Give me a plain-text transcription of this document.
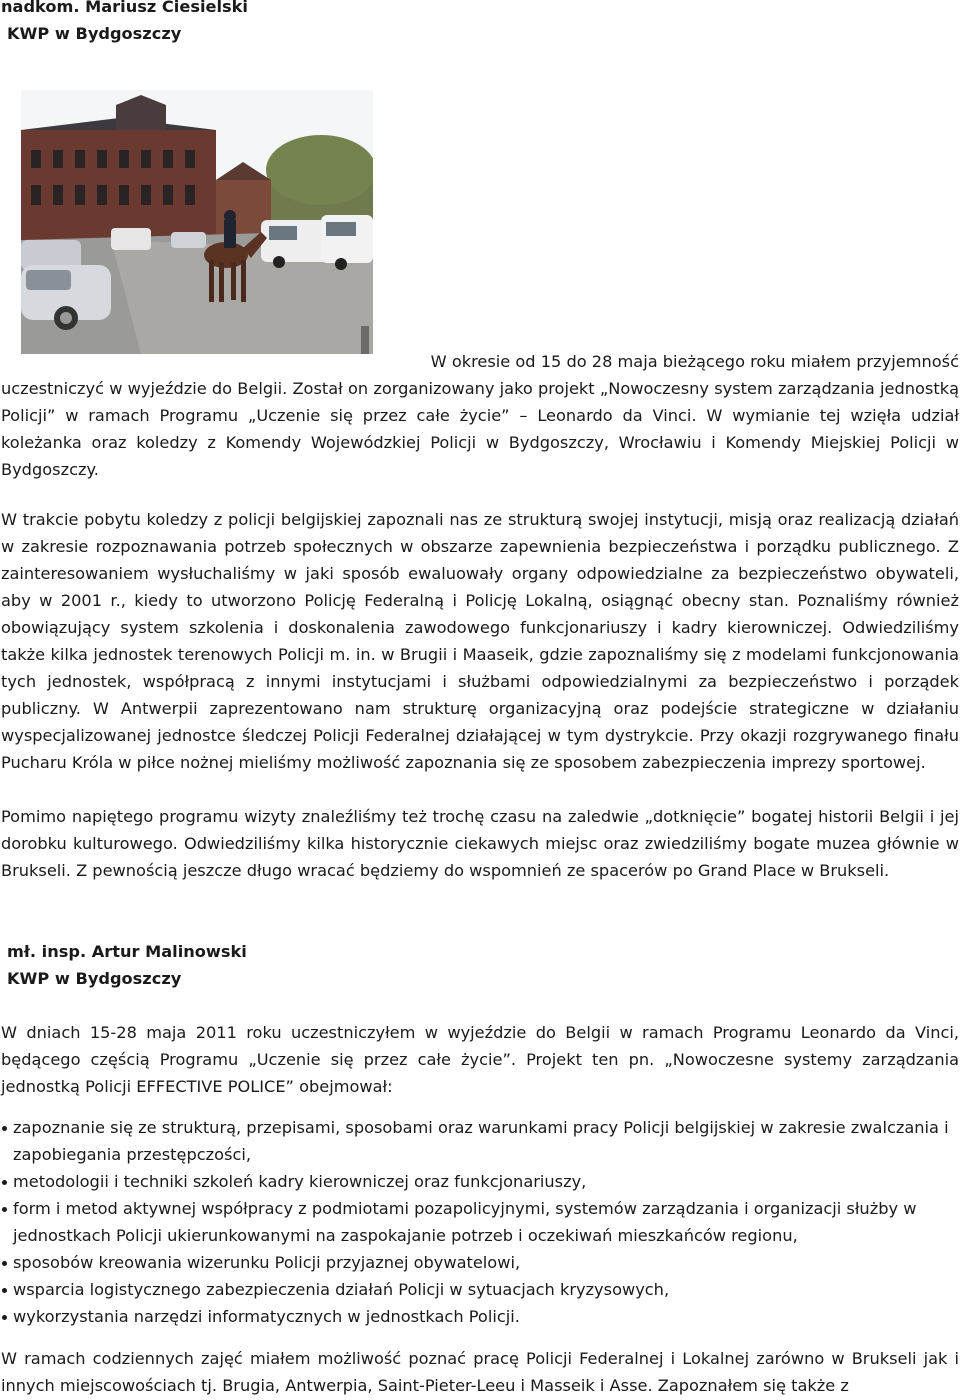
nadkom. Mariusz Ciesielski
KWP w Bydgoszczy

W okresie od 15 do 28 maja bieżącego roku miałem przyjemność
uczestniczyć w wyjeździe do Belgii. Został on zorganizowany jako projekt „Nowoczesny system zarządzania jednostką Policji” w ramach Programu „Uczenie się przez całe życie” – Leonardo da Vinci. W wymianie tej wzięła udział koleżanka oraz koledzy z Komendy Wojewódzkiej Policji w Bydgoszczy, Wrocławiu i Komendy Miejskiej Policji w Bydgoszczy.

W trakcie pobytu koledzy z policji belgijskiej zapoznali nas ze strukturą swojej instytucji, misją oraz realizacją działań w zakresie rozpoznawania potrzeb społecznych w obszarze zapewnienia bezpieczeństwa i porządku publicznego. Z zainteresowaniem wysłuchaliśmy w jaki sposób ewaluowały organy odpowiedzialne za bezpieczeństwo obywateli, aby w 2001 r., kiedy to utworzono Policję Federalną i Policję Lokalną, osiągnąć obecny stan. Poznaliśmy również obowiązujący system szkolenia i doskonalenia zawodowego funkcjonariuszy i kadry kierowniczej. Odwiedziliśmy także kilka jednostek terenowych Policji m. in. w Brugii i Maaseik, gdzie zapoznaliśmy się z modelami funkcjonowania tych jednostek, współpracą z innymi instytucjami i służbami odpowiedzialnymi za bezpieczeństwo i porządek publiczny. W Antwerpii zaprezentowano nam strukturę organizacyjną oraz podejście strategiczne w działaniu wyspecjalizowanej jednostce śledczej Policji Federalnej działającej w tym dystrykcie. Przy okazji rozgrywanego finału Pucharu Króla w piłce nożnej mieliśmy możliwość zapoznania się ze sposobem zabezpieczenia imprezy sportowej.

Pomimo napiętego programu wizyty znaleźliśmy też trochę czasu na zaledwie „dotknięcie” bogatej historii Belgii i jej dorobku kulturowego. Odwiedziliśmy kilka historycznie ciekawych miejsc oraz zwiedziliśmy bogate muzea głównie w Brukseli. Z pewnością jeszcze długo wracać będziemy do wspomnień ze spacerów po Grand Place w Brukseli.

mł. insp. Artur Malinowski
KWP w Bydgoszczy

W dniach 15-28 maja 2011 roku uczestniczyłem w wyjeździe do Belgii w ramach Programu Leonardo da Vinci, będącego częścią Programu „Uczenie się przez całe życie”. Projekt ten pn. „Nowoczesne systemy zarządzania jednostką Policji EFFECTIVE POLICE” obejmował:

zapoznanie się ze strukturą, przepisami, sposobami oraz warunkami pracy Policji belgijskiej w zakresie zwalczania i zapobiegania przestępczości,
metodologii i techniki szkoleń kadry kierowniczej oraz funkcjonariuszy,
form i metod aktywnej współpracy z podmiotami pozapolicyjnymi, systemów zarządzania i organizacji służby w jednostkach Policji ukierunkowanymi na zaspokajanie potrzeb i oczekiwań mieszkańców regionu,
sposobów kreowania wizerunku Policji przyjaznej obywatelowi,
wsparcia logistycznego zabezpieczenia działań Policji w sytuacjach kryzysowych,
wykorzystania narzędzi informatycznych w jednostkach Policji.

W ramach codziennych zajęć miałem możliwość poznać pracę Policji Federalnej i Lokalnej zarówno w Brukseli jak i innych miejscowościach tj. Brugia, Antwerpia, Saint-Pieter-Leeu i Masseik i Asse. Zapoznałem się także z
